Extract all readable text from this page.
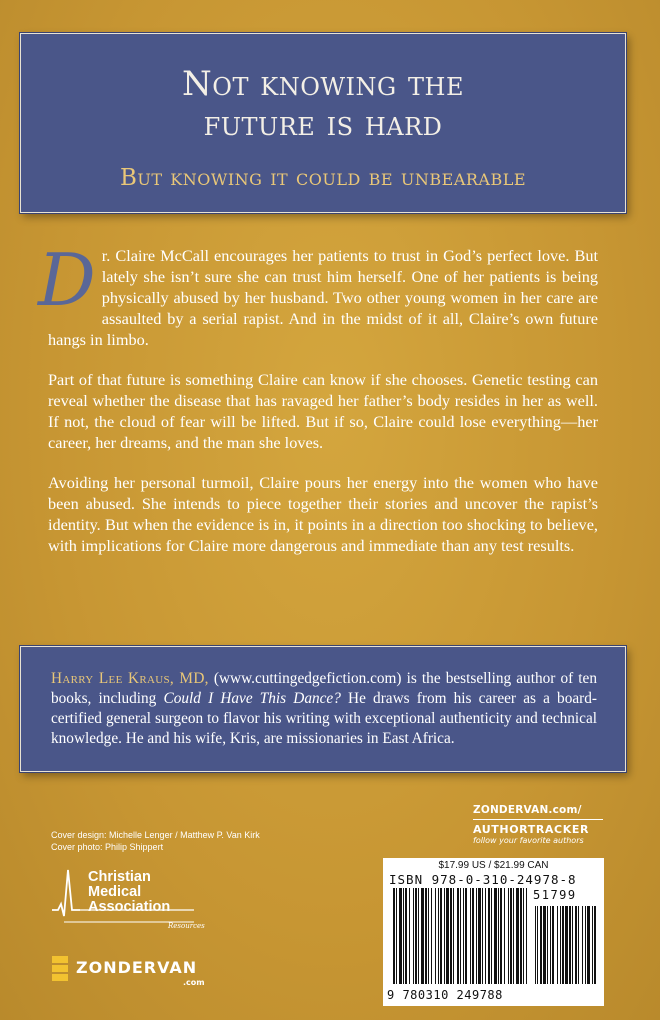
Not knowing the
future is hard
But knowing it could be unbearable

Dr. Claire McCall encourages her patients to trust in God’s perfect love. But lately she isn’t sure she can trust him herself. One of her patients is being physically abused by her husband. Two other young women in her care are assaulted by a serial rapist. And in the midst of it all, Claire’s own future hangs in limbo.

Part of that future is something Claire can know if she chooses. Genetic testing can reveal whether the disease that has ravaged her father’s body resides in her as well. If not, the cloud of fear will be lifted. But if so, Claire could lose everything—her career, her dreams, and the man she loves.

Avoiding her personal turmoil, Claire pours her energy into the women who have been abused. She intends to piece together their stories and uncover the rapist’s identity. But when the evidence is in, it points in a direction too shocking to believe, with implications for Claire more dangerous and immediate than any test results.

Harry Lee Kraus, MD, (www.cuttingedgefiction.com) is the bestselling author of ten books, including Could I Have This Dance? He draws from his career as a board-certified general surgeon to flavor his writing with exceptional authenticity and technical knowledge. He and his wife, Kris, are missionaries in East Africa.
Cover design: Michelle Lenger / Matthew P. Van Kirk
Cover photo: Philip Shippert
Christian
Medical
Association
Resources
ZONDERVAN
.com
ZONDERVAN.com/
AUTHORTRACKER
follow your favorite authors
$17.99 US / $21.99 CAN
ISBN 978-0-310-24978-8
9 780310 249788
51799
